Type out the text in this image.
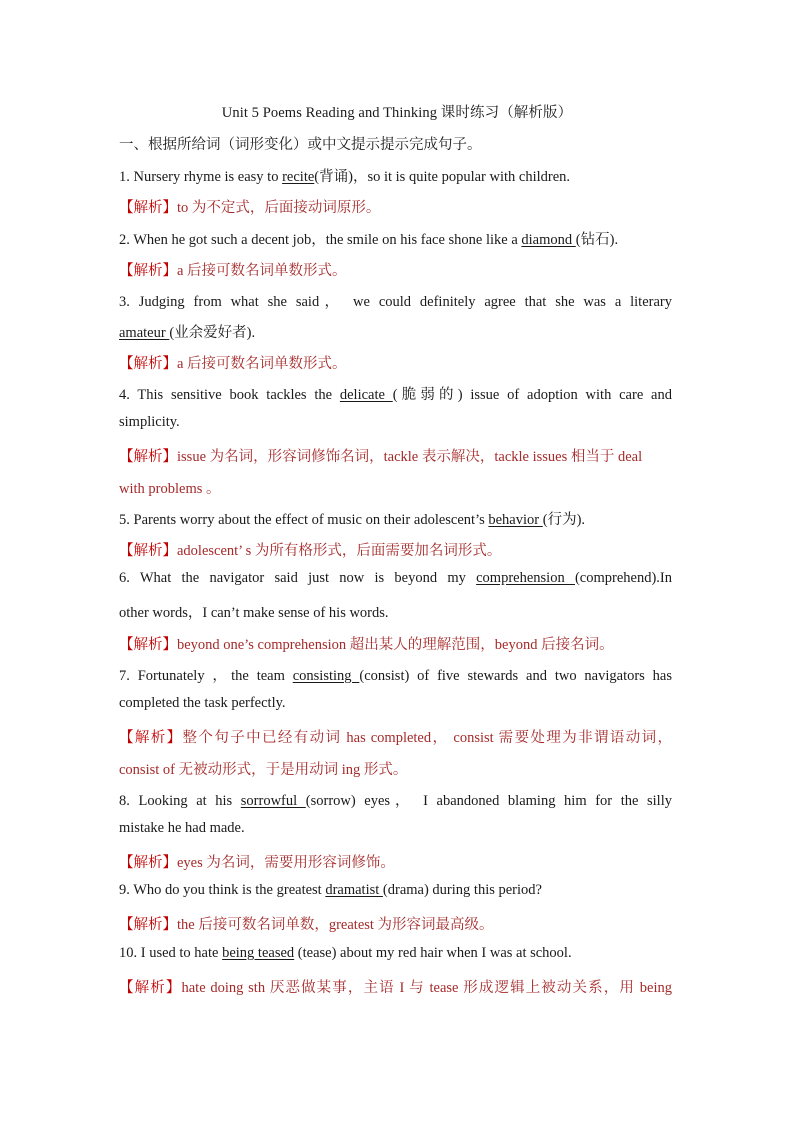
Unit 5 Poems Reading and Thinking 课时练习（解析版）
一、根据所给词（词形变化）或中文提示提示完成句子。
1. Nursery rhyme is easy to recite(背诵)，so it is quite popular with children.
【解析】to 为不定式，后面接动词原形。
2. When he got such a decent job，the smile on his face shone like a diamond (钻石).
【解析】a 后接可数名词单数形式。
3. Judging from what she said， we could definitely agree that she was a literary
amateur (业余爱好者).
【解析】a 后接可数名词单数形式。
4. This sensitive book tackles the delicate (脆弱的) issue of adoption with care and
simplicity.
【解析】issue 为名词，形容词修饰名词，tackle 表示解决，tackle issues 相当于 deal
with problems 。
5. Parents worry about the effect of music on their adolescent’s behavior (行为).
【解析】adolescent’ s 为所有格形式，后面需要加名词形式。
6. What the navigator said just now is beyond my comprehension (comprehend).In
other words，I can’t make sense of his words.
【解析】beyond one’s comprehension 超出某人的理解范围，beyond 后接名词。
7. Fortunately ，the team consisting (consist) of five stewards and two navigators has
completed the task perfectly.
【解析】整个句子中已经有动词 has completed， consist 需要处理为非谓语动词，
consist of 无被动形式，于是用动词 ing 形式。
8. Looking at his sorrowful (sorrow) eyes， I abandoned blaming him for the silly
mistake he had made.
【解析】eyes 为名词，需要用形容词修饰。
9. Who do you think is the greatest dramatist (drama) during this period?
【解析】the 后接可数名词单数，greatest 为形容词最高级。
10. I used to hate being teased (tease) about my red hair when I was at school.
【解析】hate doing sth 厌恶做某事，主语 I 与 tease 形成逻辑上被动关系，用 being
